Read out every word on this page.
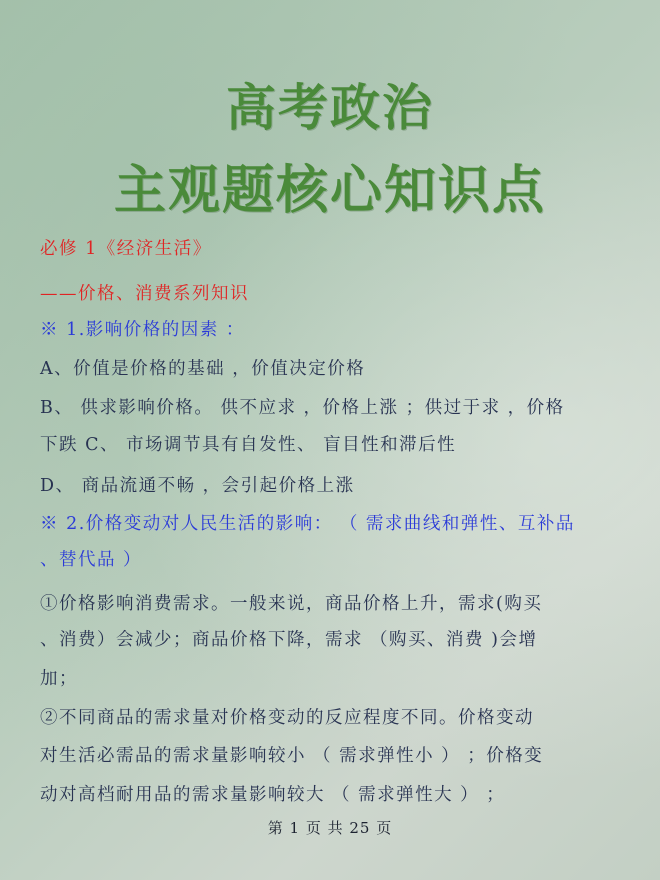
高考政治
主观题核心知识点
必修 1《经济生活》
——价格、消费系列知识
※ 1.影响价格的因素 ：
A、价值是价格的基础 ，价值决定价格
B、 供求影响价格。 供不应求 ，价格上涨 ；供过于求 ，价格
下跌 C、 市场调节具有自发性、 盲目性和滞后性
D、 商品流通不畅 ，会引起价格上涨
※ 2.价格变动对人民生活的影响： （ 需求曲线和弹性、互补品
、替代品 ）
①价格影响消费需求。一般来说，商品价格上升，需求(购买
、消费）会减少；商品价格下降，需求 （购买、消费 )会增
加；
②不同商品的需求量对价格变动的反应程度不同。价格变动
对生活必需品的需求量影响较小 （ 需求弹性小 ） ；价格变
动对高档耐用品的需求量影响较大 （ 需求弹性大 ） ；
第 1 页 共 25 页
